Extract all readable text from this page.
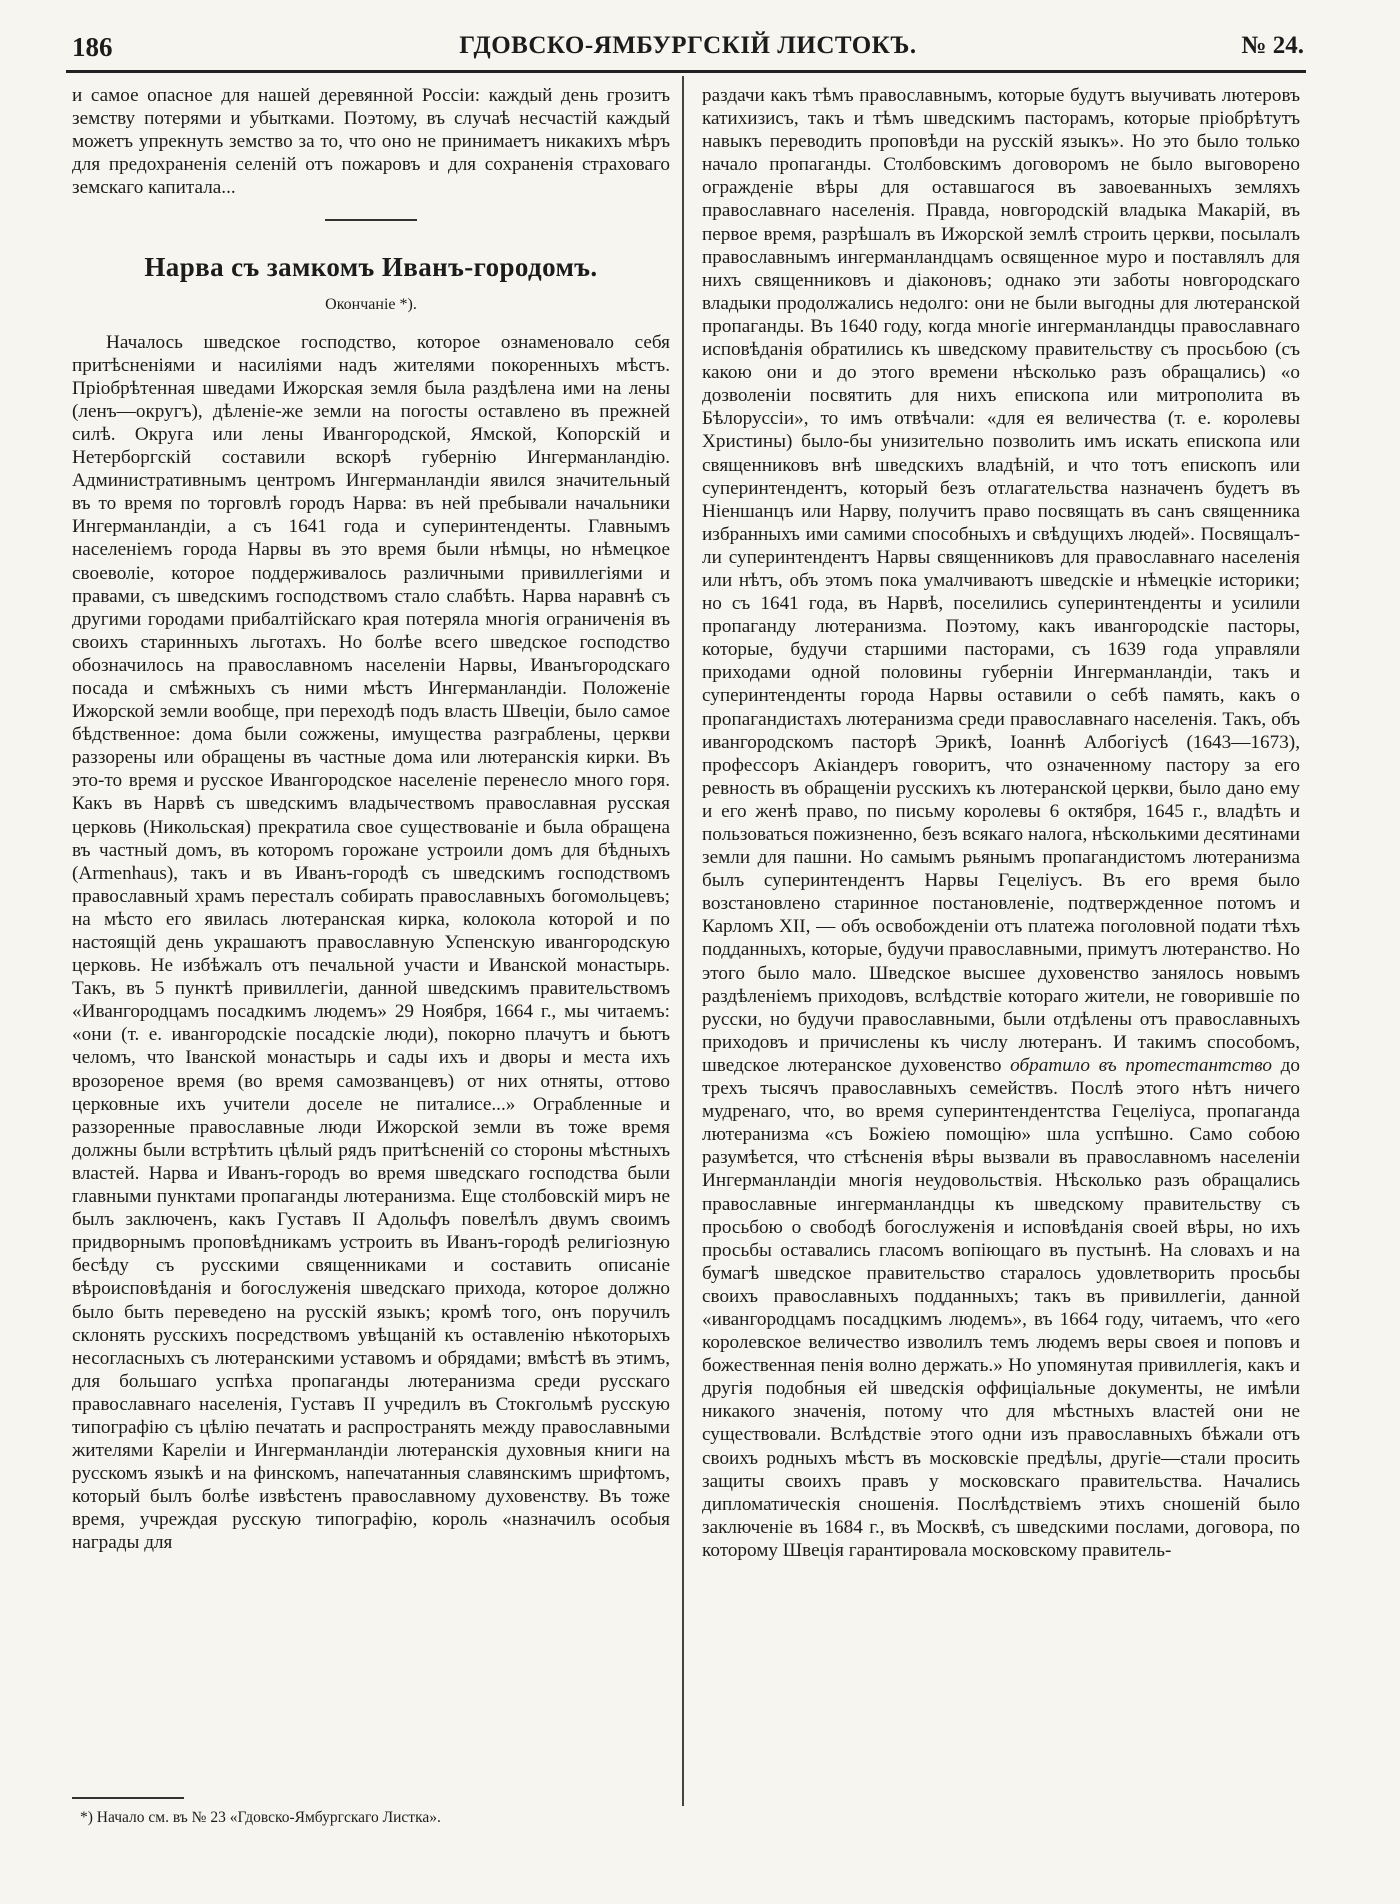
186	ГДОВСКО-ЯМБУРГСКІЙ ЛИСТОКЪ.	№ 24.

и самое опасное для нашей деревянной Россіи: каждый день грозитъ земству потерями и убытками. Поэтому, въ случаѣ несчастій каждый можетъ упрекнуть земство за то, что оно не принимаетъ никакихъ мѣръ для предохраненія селеній отъ пожаровъ и для сохраненія страховаго земскаго капитала...

Нарва съ замкомъ Иванъ-городомъ.
Окончаніе *).

Началось шведское господство, которое ознаменовало себя притѣсненіями и насиліями надъ жителями покоренныхъ мѣстъ. Пріобрѣтенная шведами Ижорская земля была раздѣлена ими на лены (ленъ—округъ), дѣленіе-же земли на погосты оставлено въ прежней силѣ. Округа или лены Ивангородской, Ямской, Копорскій и Нетерборгскій составили вскорѣ губернію Ингерманландію. Административнымъ центромъ Ингерманландіи явился значительный въ то время по торговлѣ городъ Нарва: въ ней пребывали начальники Ингерманландіи, а съ 1641 года и суперинтенденты. Главнымъ населеніемъ города Нарвы въ это время были нѣмцы, но нѣмецкое своеволіе, которое поддерживалось различными привиллегіями и правами, съ шведскимъ господствомъ стало слабѣть. Нарва наравнѣ съ другими городами прибалтійскаго края потеряла многія ограниченія въ своихъ старинныхъ льготахъ. Но болѣе всего шведское господство обозначилось на православномъ населеніи Нарвы, Иванъгородскаго посада и смѣжныхъ съ ними мѣстъ Ингерманландіи. Положеніе Ижорской земли вообще, при переходѣ подъ власть Швеціи, было самое бѣдственное: дома были сожжены, имущества разграблены, церкви раззорены или обращены въ частные дома или лютеранскія кирки. Въ это-то время и русское Ивангородское населеніе перенесло много горя. Какъ въ Нарвѣ съ шведскимъ владычествомъ православная русская церковь (Никольская) прекратила свое существованіе и была обращена въ частный домъ, въ которомъ горожане устроили домъ для бѣдныхъ (Armenhaus), такъ и въ Иванъ-городѣ съ шведскимъ господствомъ православный храмъ пересталъ собирать православныхъ богомольцевъ; на мѣсто его явилась лютеранская кирка, колокола которой и по настоящій день украшаютъ православную Успенскую ивангородскую церковь. Не избѣжалъ отъ печальной участи и Иванской монастырь. Такъ, въ 5 пунктѣ привиллегіи, данной шведскимъ правительствомъ «Ивангородцамъ посадкимъ людемъ» 29 Ноября, 1664 г., мы читаемъ: «они (т. е. ивангородскіе посадскіе люди), покорно плачутъ и бьютъ челомъ, что Іванской монастырь и сады ихъ и дворы и места ихъ врозореное время (во время самозванцевъ) от них отняты, оттово церковные ихъ учители доселе не питалисе...» Ограбленные и раззоренные православные люди Ижорской земли въ тоже время должны были встрѣтить цѣлый рядъ притѣсненій со стороны мѣстныхъ властей. Нарва и Иванъ-городъ во время шведскаго господства были главными пунктами пропаганды лютеранизма. Еще столбовскій миръ не былъ заключенъ, какъ Густавъ II Адольфъ повелѣлъ двумъ своимъ придворнымъ проповѣдникамъ устроить въ Иванъ-городѣ религіозную бесѣду съ русскими священниками и составить описаніе вѣроисповѣданія и богослуженія шведскаго прихода, которое должно было быть переведено на русскій языкъ; кромѣ того, онъ поручилъ склонять русскихъ посредствомъ увѣщаній къ оставленію нѣкоторыхъ несогласныхъ съ лютеранскими уставомъ и обрядами; вмѣстѣ въ этимъ, для большаго успѣха пропаганды лютеранизма среди русскаго православнаго населенія, Густавъ II учредилъ въ Стокгольмѣ русскую типографію съ цѣлію печатать и распространять между православными жителями Кареліи и Ингерманландіи лютеранскія духовныя книги на русскомъ языкѣ и на финскомъ, напечатанныя славянскимъ шрифтомъ, который былъ болѣе извѣстенъ православному духовенству. Въ тоже время, учреждая русскую типографію, король «назначилъ особыя награды для

раздачи какъ тѣмъ православнымъ, которые будутъ выучивать лютеровъ катихизисъ, такъ и тѣмъ шведскимъ пасторамъ, которые пріобрѣтутъ навыкъ переводить проповѣди на русскій языкъ». Но это было только начало пропаганды. Столбовскимъ договоромъ не было выговорено огражденіе вѣры для оставшагося въ завоеванныхъ земляхъ православнаго населенія. Правда, новгородскій владыка Макарій, въ первое время, разрѣшалъ въ Ижорской землѣ строить церкви, посылалъ православнымъ ингерманландцамъ освященное муро и поставлялъ для нихъ священниковъ и діаконовъ; однако эти заботы новгородскаго владыки продолжались недолго: они не были выгодны для лютеранской пропаганды. Въ 1640 году, когда многіе ингерманландцы православнаго исповѣданія обратились къ шведскому правительству съ просьбою (съ какою они и до этого времени нѣсколько разъ обращались) «о дозволеніи посвятить для нихъ епископа или митрополита въ Бѣлоруссіи», то имъ отвѣчали: «для ея величества (т. е. королевы Христины) было-бы унизительно позволить имъ искать епископа или священниковъ внѣ шведскихъ владѣній, и что тотъ епископъ или суперинтендентъ, который безъ отлагательства назначенъ будетъ въ Ніеншанцъ или Нарву, получитъ право посвящать въ санъ священника избранныхъ ими самими способныхъ и свѣдущихъ людей». Посвящалъ-ли суперинтендентъ Нарвы священниковъ для православнаго населенія или нѣтъ, объ этомъ пока умалчиваютъ шведскіе и нѣмецкіе историки; но съ 1641 года, въ Нарвѣ, поселились суперинтенденты и усилили пропаганду лютеранизма. Поэтому, какъ ивангородскіе пасторы, которые, будучи старшими пасторами, съ 1639 года управляли приходами одной половины губерніи Ингерманландіи, такъ и суперинтенденты города Нарвы оставили о себѣ память, какъ о пропагандистахъ лютеранизма среди православнаго населенія. Такъ, объ ивангородскомъ пасторѣ Эрикѣ, Іоаннѣ Албогіусѣ (1643—1673), профессоръ Акіандеръ говоритъ, что означенному пастору за его ревность въ обращеніи русскихъ къ лютеранской церкви, было дано ему и его женѣ право, по письму королевы 6 октября, 1645 г., владѣть и пользоваться пожизненно, безъ всякаго налога, нѣсколькими десятинами земли для пашни. Но самымъ рьянымъ пропагандистомъ лютеранизма былъ суперинтендентъ Нарвы Гецеліусъ. Въ его время было возстановлено старинное постановленіе, подтвержденное потомъ и Карломъ XII, — объ освобожденіи отъ платежа поголовной подати тѣхъ подданныхъ, которые, будучи православными, примутъ лютеранство. Но этого было мало. Шведское высшее духовенство занялось новымъ раздѣленіемъ приходовъ, вслѣдствіе котораго жители, не говорившіе по русски, но будучи православными, были отдѣлены отъ православныхъ приходовъ и причислены къ числу лютеранъ. И такимъ способомъ, шведское лютеранское духовенство обратило въ протестантство до трехъ тысячъ православныхъ семействъ. Послѣ этого нѣтъ ничего мудренаго, что, во время суперинтендентства Гецеліуса, пропаганда лютеранизма «съ Божіею помощію» шла успѣшно. Само собою разумѣется, что стѣсненія вѣры вызвали въ православномъ населеніи Ингерманландіи многія неудовольствія. Нѣсколько разъ обращались православные ингерманландцы къ шведскому правительству съ просьбою о свободѣ богослуженія и исповѣданія своей вѣры, но ихъ просьбы оставались гласомъ вопіющаго въ пустынѣ. На словахъ и на бумагѣ шведское правительство старалось удовлетворить просьбы своихъ православныхъ подданныхъ; такъ въ привиллегіи, данной «ивангородцамъ посадцкимъ людемъ», въ 1664 году, читаемъ, что «его королевское величество изволилъ темъ людемъ веры своея и поповъ и божественная пенія волно держать.» Но упомянутая привиллегія, какъ и другія подобныя ей шведскія оффиціальные документы, не имѣли никакого значенія, потому что для мѣстныхъ властей они не существовали. Вслѣдствіе этого одни изъ православныхъ бѣжали отъ своихъ родныхъ мѣстъ въ московскіе предѣлы, другіе—стали просить защиты своихъ правъ у московскаго правительства. Начались дипломатическія сношенія. Послѣдствіемъ этихъ сношеній было заключеніе въ 1684 г., въ Москвѣ, съ шведскими послами, договора, по которому Швеція гарантировала московскому правитель-

*) Начало см. въ № 23 «Гдовско-Ямбургскаго Листка».
